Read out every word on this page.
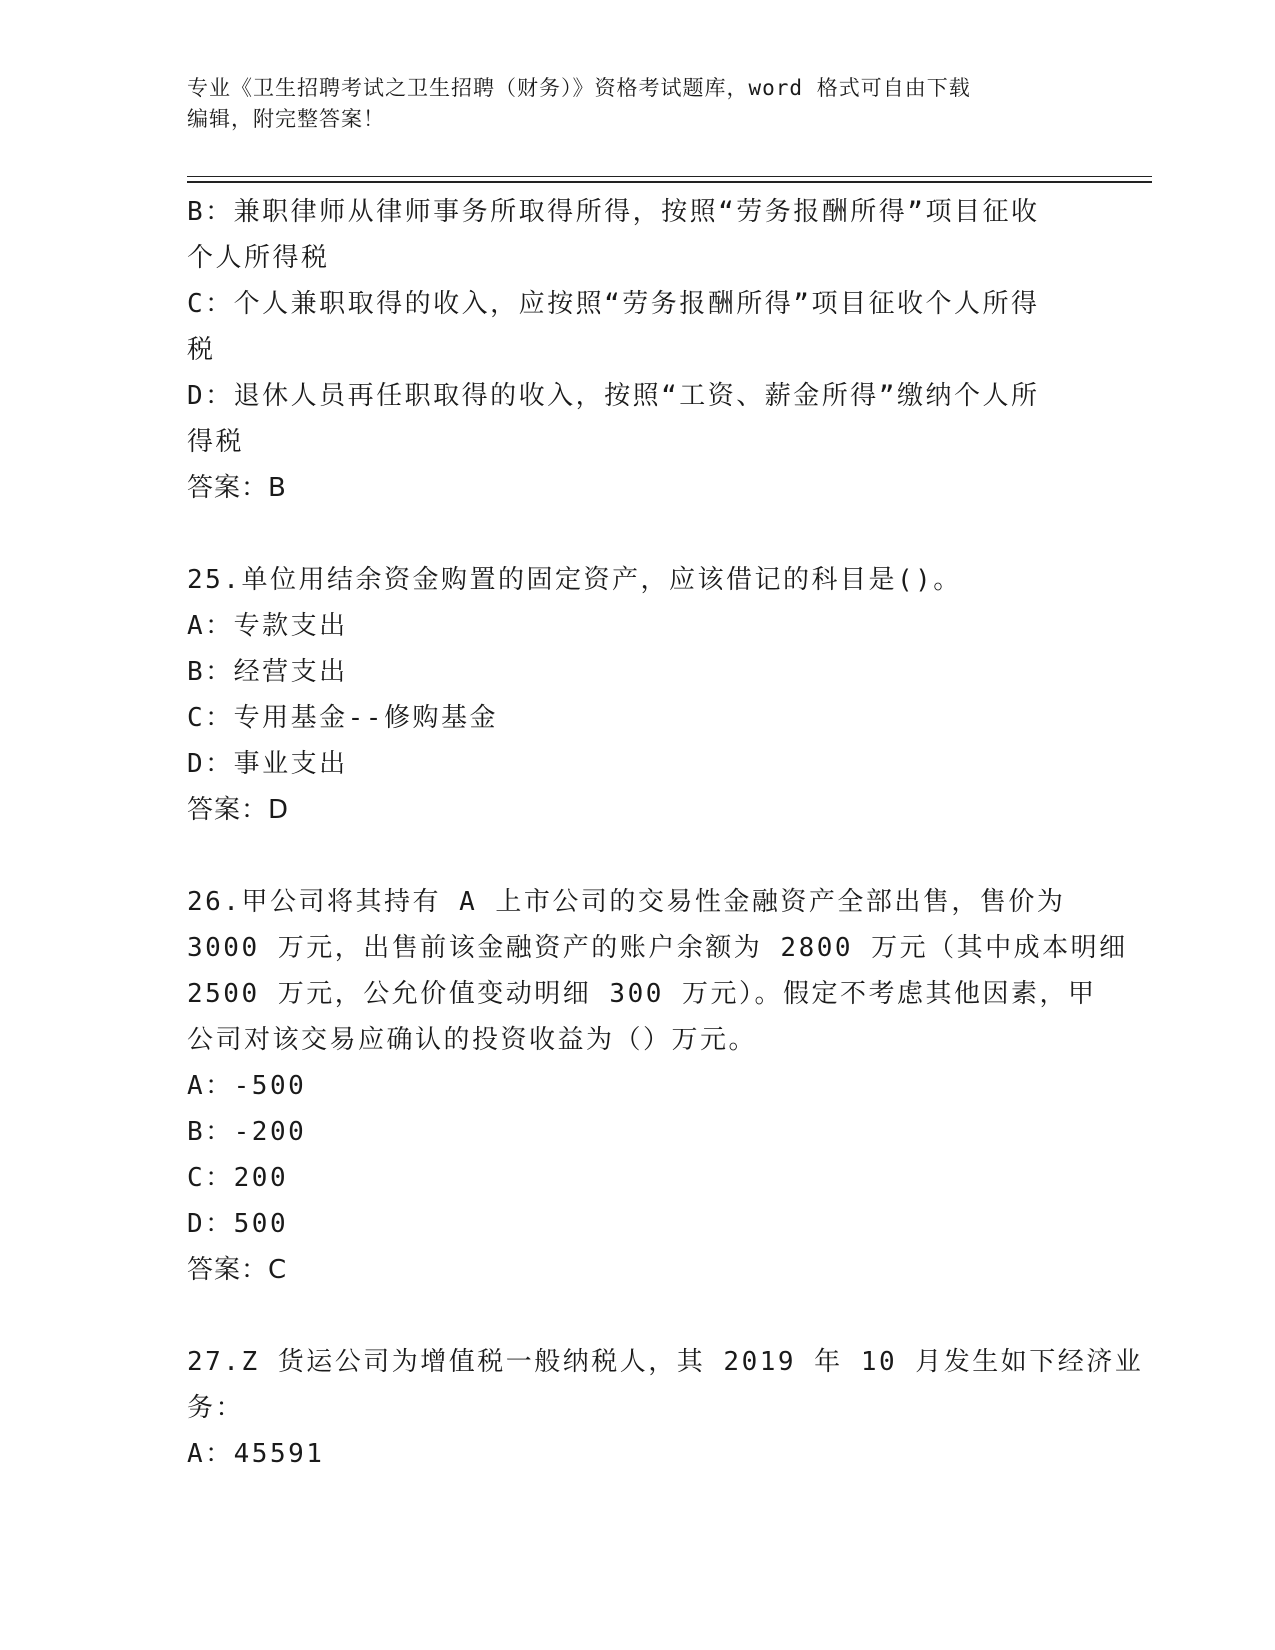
专业《卫生招聘考试之卫生招聘（财务）》资格考试题库，word 格式可自由下载
编辑，附完整答案！
B：兼职律师从律师事务所取得所得，按照“劳务报酬所得”项目征收
个人所得税
C：个人兼职取得的收入，应按照“劳务报酬所得”项目征收个人所得
税
D：退休人员再任职取得的收入，按照“工资、薪金所得”缴纳个人所
得税
答案：B
25.单位用结余资金购置的固定资产，应该借记的科目是()。
A：专款支出
B：经营支出
C：专用基金--修购基金
D：事业支出
答案：D
26.甲公司将其持有 A 上市公司的交易性金融资产全部出售，售价为
3000 万元，出售前该金融资产的账户余额为 2800 万元（其中成本明细
2500 万元，公允价值变动明细 300 万元）。假定不考虑其他因素，甲
公司对该交易应确认的投资收益为（）万元。
A：-500
B：-200
C：200
D：500
答案：C
27.Z 货运公司为增值税一般纳税人，其 2019 年 10 月发生如下经济业
务：
A：45591
